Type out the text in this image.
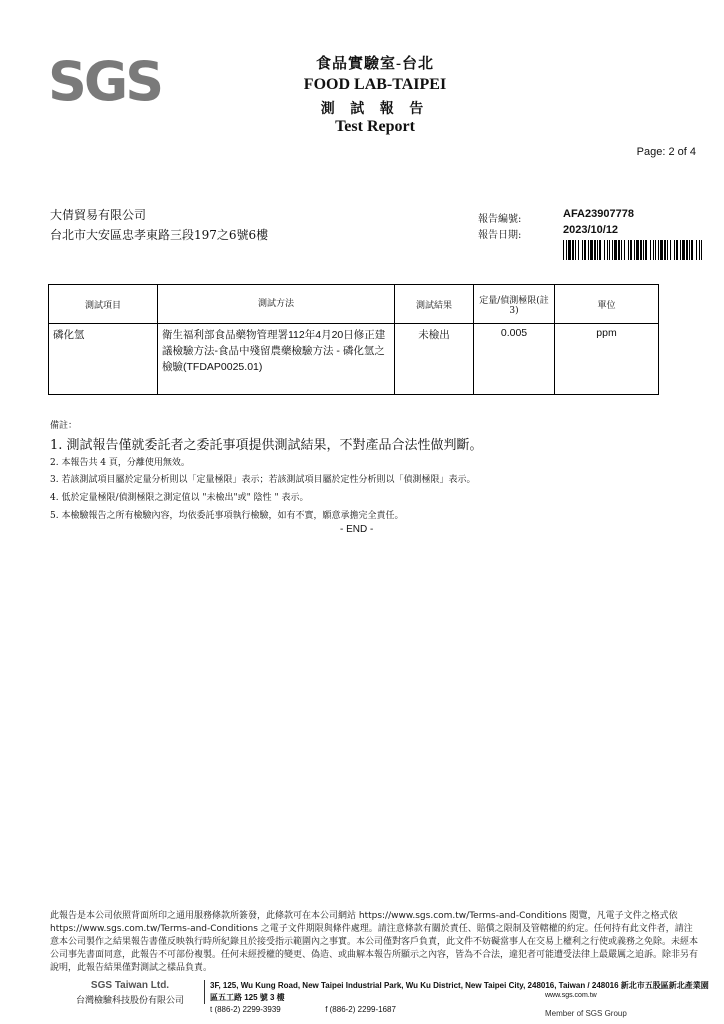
SGS	食品實驗室-台北
FOOD LAB-TAIPEI
測 試 報 告
Test Report
Page: 2 of 4
大倩貿易有限公司
台北市大安區忠孝東路三段197之6號6樓
報告編號:	AFA23907778
報告日期:	2023/10/12
測試項目	測試方法	測試結果	定量/偵測極限(註3)	單位
磷化氫	衛生福利部食品藥物管理署112年4月20日修正建議檢驗方法-食品中殘留農藥檢驗方法 - 磷化氫之檢驗(TFDAP0025.01)	未檢出	0.005	ppm
備註：
1. 測試報告僅就委託者之委託事項提供測試結果，不對產品合法性做判斷。
2. 本報告共 4 頁，分離使用無效。
3. 若該測試項目屬於定量分析則以「定量極限」表示；若該測試項目屬於定性分析則以「偵測極限」表示。
4. 低於定量極限/偵測極限之測定值以 "未檢出"或" 陰性 " 表示。
5. 本檢驗報告之所有檢驗內容，均依委託事項執行檢驗，如有不實，願意承擔完全責任。
- END -
此報告是本公司依照背面所印之通用服務條款所簽發，此條款可在本公司網站 https://www.sgs.com.tw/Terms-and-Conditions 閱覽，凡電子文件之格式依 https://www.sgs.com.tw/Terms-and-Conditions 之電子文件期限與條件處理。請注意條款有關於責任、賠償之限制及管轄權的約定。任何持有此文件者，請注意本公司製作之結果報告書僅反映執行時所紀錄且於接受指示範圍內之事實。本公司僅對客戶負責，此文件不妨礙當事人在交易上權利之行使或義務之免除。未經本公司事先書面同意，此報告不可部份複製。任何未經授權的變更、偽造、或曲解本報告所顯示之內容，皆為不合法，違犯者可能遭受法律上最嚴厲之追訴。除非另有說明，此報告結果僅對測試之樣品負責。
SGS Taiwan Ltd.
台灣檢驗科技股份有限公司
3F, 125, Wu Kung Road, New Taipei Industrial Park, Wu Ku District, New Taipei City, 248016, Taiwan / 248016 新北市五股區新北產業園區五工路 125 號 3 樓
t (886-2) 2299-3939	f (886-2) 2299-1687
www.sgs.com.tw
Member of SGS Group
